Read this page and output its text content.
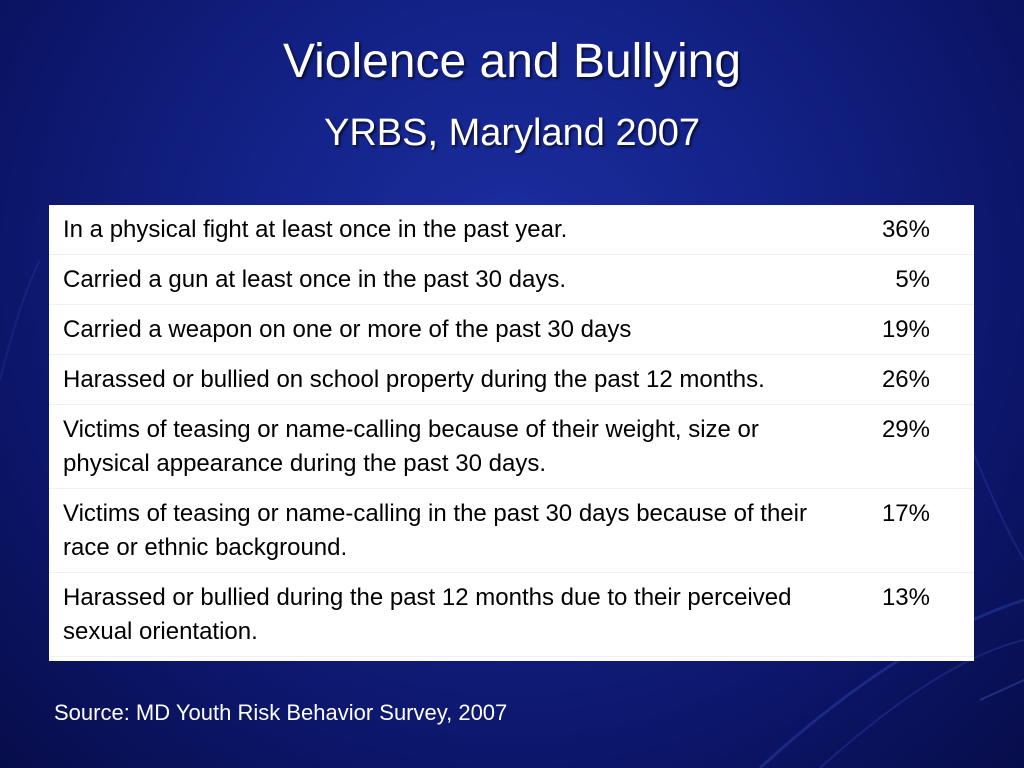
Violence and Bullying
YRBS, Maryland 2007
In a physical fight at least once in the past year.	36%
Carried a gun at least once in the past 30 days.	5%
Carried a weapon on one or more of the past 30 days	19%
Harassed or bullied on school property during the past 12 months.	26%
Victims of teasing or name-calling because of their weight, size or physical appearance during the past 30 days.	29%
Victims of teasing or name-calling in the past 30 days because of their race or ethnic background.	17%
Harassed or bullied during the past 12 months due to their perceived sexual orientation.	13%
Source: MD Youth Risk Behavior Survey, 2007
